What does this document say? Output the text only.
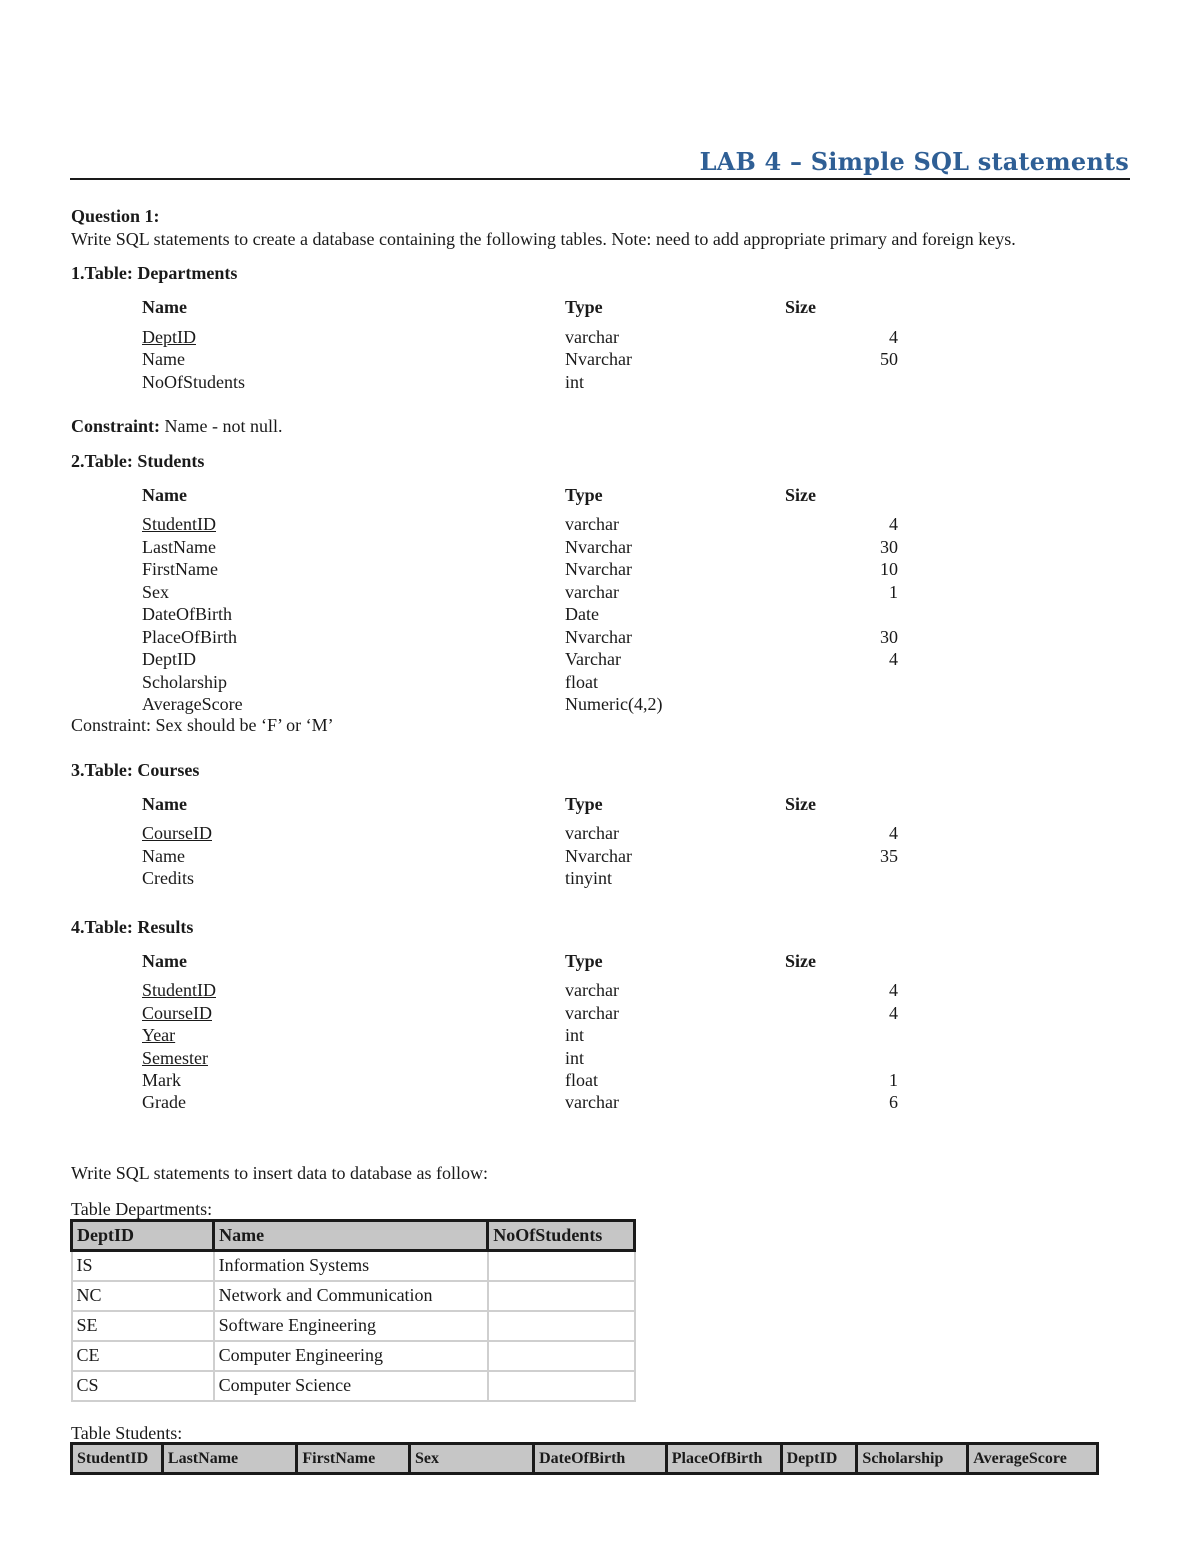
LAB 4 – Simple SQL statements
Question 1:
Write SQL statements to create a database containing the following tables. Note: need to add appropriate primary and foreign keys.
1.Table: Departments
Name	Type	Size
DeptID	varchar	4
Name	Nvarchar	50
NoOfStudents	int
Constraint: Name - not null.
2.Table: Students
Name	Type	Size
StudentID	varchar	4
LastName	Nvarchar	30
FirstName	Nvarchar	10
Sex	varchar	1
DateOfBirth	Date
PlaceOfBirth	Nvarchar	30
DeptID	Varchar	4
Scholarship	float
AverageScore	Numeric(4,2)
Constraint: Sex should be ‘F’ or ‘M’
3.Table: Courses
Name	Type	Size
CourseID	varchar	4
Name	Nvarchar	35
Credits	tinyint
4.Table: Results
Name	Type	Size
StudentID	varchar	4
CourseID	varchar	4
Year	int
Semester	int
Mark	float	1
Grade	varchar	6
Write SQL statements to insert data to database as follow:
Table Departments:
DeptID	Name	NoOfStudents
IS	Information Systems	
NC	Network and Communication	
SE	Software Engineering	
CE	Computer Engineering	
CS	Computer Science	
Table Students:
StudentID	LastName	FirstName	Sex	DateOfBirth	PlaceOfBirth	DeptID	Scholarship	AverageScore
